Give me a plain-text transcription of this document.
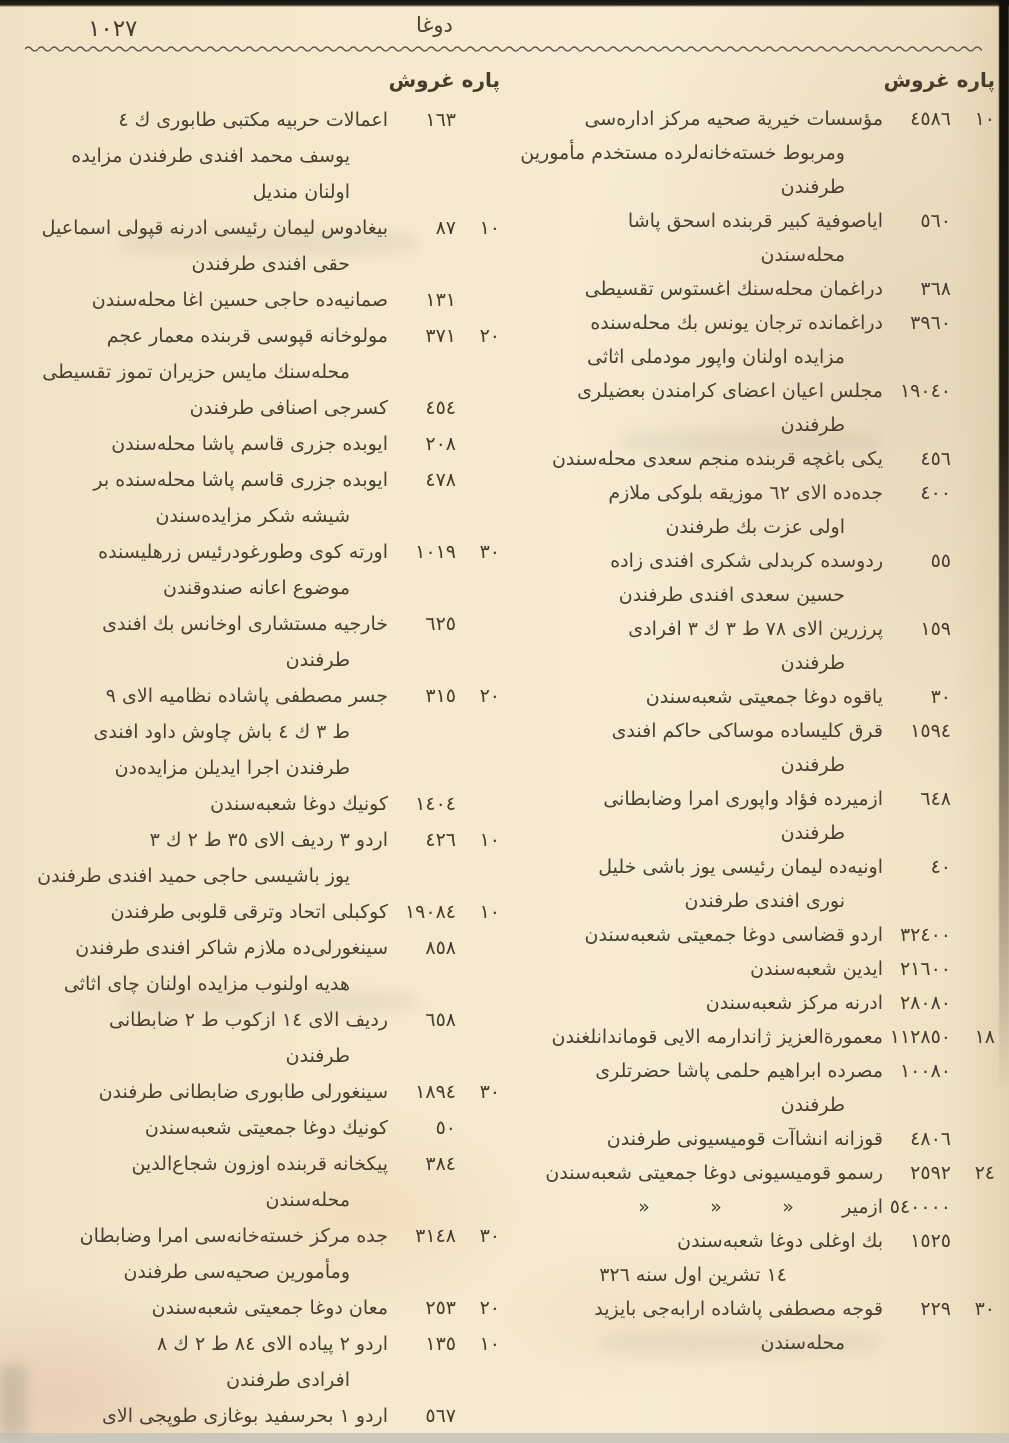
١٠٢٧	دوغا
پاره غروش
١٠
٤٥٨٦
مؤسسات خيرية صحيه مركز اداره‌سى
ومربوط خسته‌خانه‌لرده مستخدم مأمورين
طرفندن
٥٦٠
اياصوفية كبير قربنده اسحق پاشا
محله‌سندن
٣٦٨
دراغمان محله‌سنك اغستوس تقسيطى
٣٩٦٠
دراغمانده ترجان يونس بك محله‌سنده
مزايده اولنان واپور مودملى اثاثى
١٩٠٤٠
مجلس اعيان اعضاى كرامندن بعضيلرى
طرفندن
٤٥٦
يكى باغچه قربنده منجم سعدى محله‌سندن
٤٠٠
جده‌ده الاى ٦٢ موزيقه بلوكى ملازم
اولى عزت بك طرفندن
٥٥
ردوسده كربدلى شكرى افندى زاده
حسين سعدى افندى طرفندن
١٥٩
پرزرين الاى ٧٨ ط ٣ ك ٣ افرادى
طرفندن
٣٠
ياقوه دوغا جمعيتى شعبه‌سندن
١٥٩٤
قرق كليساده موساكى حاكم افندى
طرفندن
٦٤٨
ازميرده فؤاد واپورى امرا وضابطانى
طرفندن
٤٠
اونيه‌ده ليمان رئيسى يوز باشى خليل
نورى افندى طرفندن
٣٢٤٠٠
اردو قضاسى دوغا جمعيتى شعبه‌سندن
٢١٦٠٠
ايدين شعبه‌سندن
٢٨٠٨٠
ادرنه مركز شعبه‌سندن
١٨
١١٢٨٥٠
معمورةالعزيز ژاندارمه الايى قوماندانلغندن
١٠٠٨٠
مصرده ابراهيم حلمى پاشا حضرتلرى
طرفندن
٤٨٠٦
قوزانه انشاآت قوميسيونى طرفندن
٢٤
٢٥٩٢
رسمو قوميسيونى دوغا جمعيتى شعبه‌سندن
٥٤٠٠٠٠
ازمير        «          «          «
١٥٢٥
بك اوغلى دوغا شعبه‌سندن
١٤ تشرين اول سنه ٣٢٦
٣٠
٢٢٩
قوجه مصطفى پاشاده ارابه‌جى بايزيد
محله‌سندن
پاره غروش
١٦٣
اعمالات حربيه مكتبى طابورى ك ٤
يوسف محمد افندى طرفندن مزايده
اولنان منديل
١٠
٨٧
بيغادوس ليمان رئيسى ادرنه قپولى اسماعيل
حقى افندى طرفندن
١٣١
صمانيه‌ده حاجى حسين اغا محله‌سندن
٢٠
٣٧١
مولوخانه قپوسى قربنده معمار عجم
محله‌سنك مايس حزيران تموز تقسيطى
٤٥٤
كسرجى اصنافى طرفندن
٢٠٨
ايوبده جزرى قاسم پاشا محله‌سندن
٤٧٨
ايوبده جزرى قاسم پاشا محله‌سنده بر
شيشه شكر مزايده‌سندن
٣٠
١٠١٩
اورته كوى وطورغودرئيس زرهليسنده
موضوع اعانه صندوقندن
٦٢٥
خارجيه مستشارى اوخانس بك افندى
طرفندن
٢٠
٣١٥
جسر مصطفى پاشاده نظاميه الاى ٩
ط ٣ ك ٤ باش چاوش داود افندى
طرفندن اجرا ايديلن مزايده‌دن
١٤٠٤
كونيك دوغا شعبه‌سندن
١٠
٤٢٦
اردو ٣ رديف الاى ٣٥ ط ٢ ك ٣
يوز باشيسى حاجى حميد افندى طرفندن
١٠
١٩٠٨٤
كوكبلى اتحاد وترقى قلوبى طرفندن
٨٥٨
سينغورلى‌ده ملازم شاكر افندى طرفندن
هديه اولنوب مزايده اولنان چاى اثاثى
٦٥٨
رديف الاى ١٤ ازكوب ط ٢ ضابطانى
طرفندن
٣٠
١٨٩٤
سينغورلى طابورى ضابطانى طرفندن
٥٠
كونيك دوغا جمعيتى شعبه‌سندن
٣٨٤
پيكخانه قربنده اوزون شجاع‌الدين
محله‌سندن
٣٠
٣١٤٨
جده مركز خسته‌خانه‌سى امرا وضابطان
ومأمورين صحيه‌سى طرفندن
٢٠
٢٥٣
معان دوغا جمعيتى شعبه‌سندن
١٠
١٣٥
اردو ٢ پياده الاى ٨٤ ط ٢ ك ٨
افرادى طرفندن
٥٦٧
اردو ١ بحرسفيد بوغازى طوپجى الاى
